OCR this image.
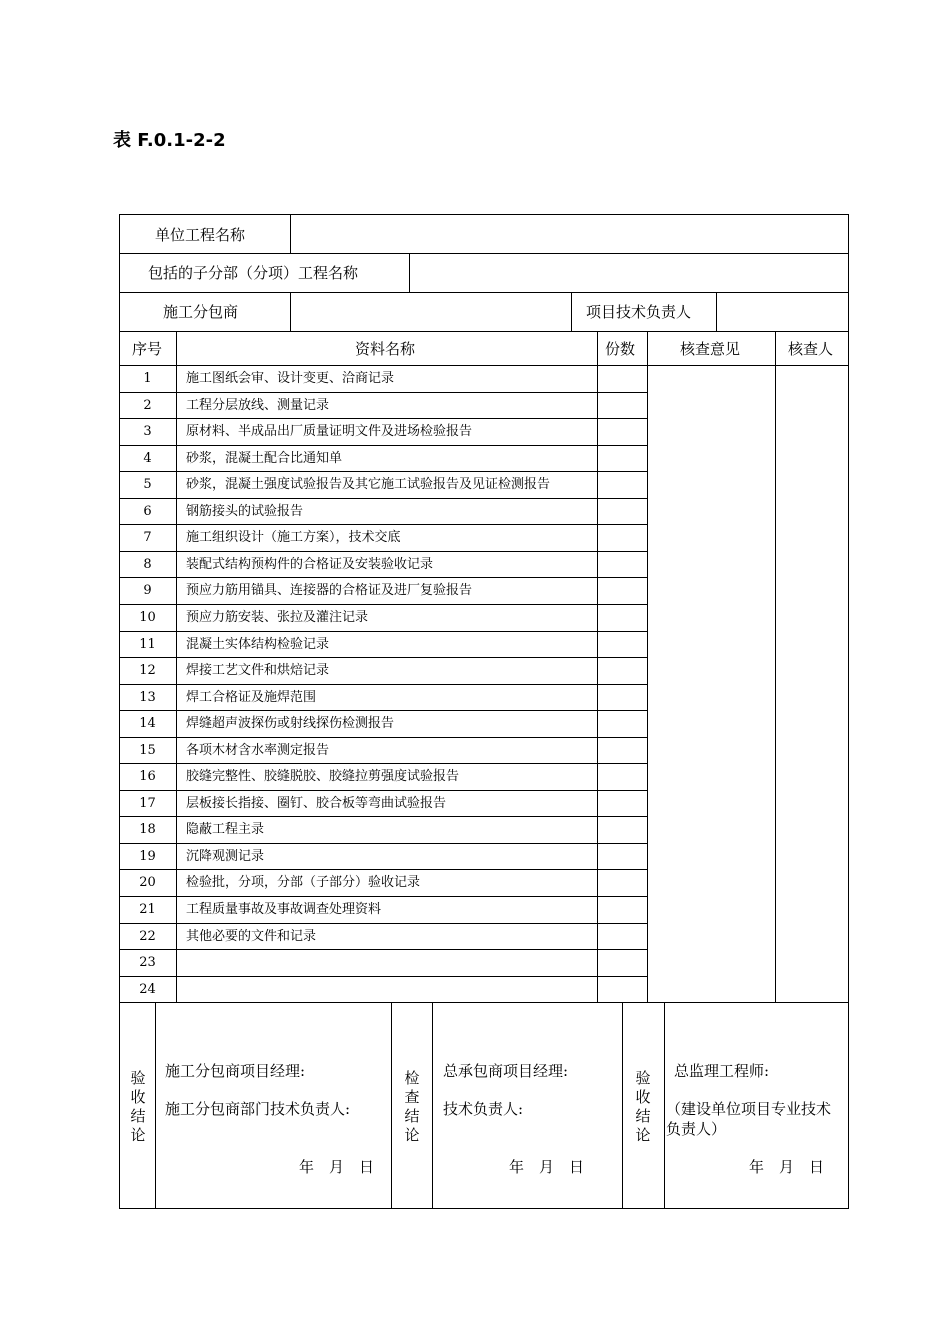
表 F.0.1-2-2
单位工程名称
包括的子分部（分项）工程名称
施工分包商	项目技术负责人
序号	资料名称	份数	核查意见	核查人
1	施工图纸会审、设计变更、洽商记录
2	工程分层放线、测量记录
3	原材料、半成品出厂质量证明文件及进场检验报告
4	砂浆，混凝土配合比通知单
5	砂浆，混凝土强度试验报告及其它施工试验报告及见证检测报告
6	钢筋接头的试验报告
7	施工组织设计（施工方案），技术交底
8	装配式结构预构件的合格证及安装验收记录
9	预应力筋用锚具、连接器的合格证及进厂复验报告
10	预应力筋安装、张拉及灌注记录
11	混凝土实体结构检验记录
12	焊接工艺文件和烘焙记录
13	焊工合格证及施焊范围
14	焊缝超声波探伤或射线探伤检测报告
15	各项木材含水率测定报告
16	胶缝完整性、胶缝脱胶、胶缝拉剪强度试验报告
17	层板接长指接、圈钉、胶合板等弯曲试验报告
18	隐蔽工程主录
19	沉降观测记录
20	检验批，分项，分部（子部分）验收记录
21	工程质量事故及事故调查处理资料
22	其他必要的文件和记录
23
24
验收结论
施工分包商项目经理:
施工分包商部门技术负责人:
年　月　日
检查结论
总承包商项目经理:
技术负责人:
年　月　日
验收结论
总监理工程师:
（建设单位项目专业技术
负责人）
年　月　日
